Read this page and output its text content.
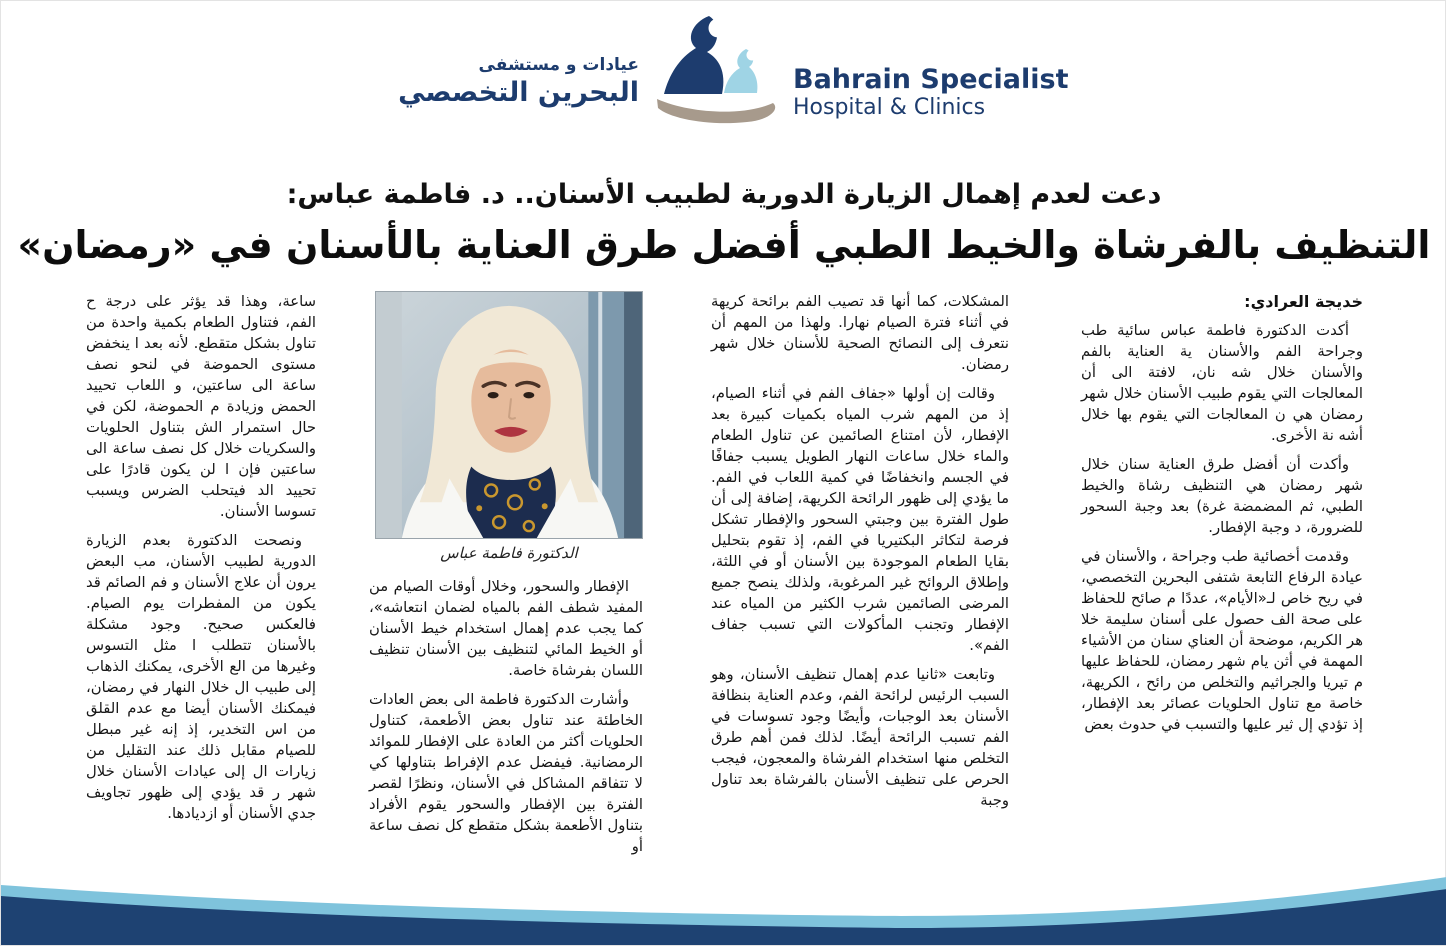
عيادات و مستشفى
البحرين التخصصي	Bahrain Specialist
Hospital & Clinics
دعت لعدم إهمال الزيارة الدورية لطبيب الأسنان.. د. فاطمة عباس:
التنظيف بالفرشاة والخيط الطبي أفضل طرق العناية بالأسنان في «رمضان»

خديجة العرادي:

أكدت الدكتورة فاطمة عباس سائية طب وجراحة الفم والأسنان ية العناية بالفم والأسنان خلال شه نان، لافتة الى أن المعالجات التي يقوم طبيب الأسنان خلال شهر رمضان هي ن المعالجات التي يقوم بها خلال أشه نة الأخرى.

وأكدت أن أفضل طرق العناية سنان خلال شهر رمضان هي التنظيف رشاة والخيط الطبي، ثم المضمضة غرة) بعد وجبة السحور للضرورة، د وجبة الإفطار.

وقدمت أخصائية طب وجراحة ، والأسنان في عيادة الرفاع التابعة شتفى البحرين التخصصي، في ريح خاص لـ«الأيام»، عددًا م صائح للحفاظ على صحة الف حصول على أسنان سليمة خلا هر الكريم، موضحة أن العناي سنان من الأشياء المهمة في أثن يام شهر رمضان، للحفاظ عليها م تيريا والجراثيم والتخلص من رائح ، الكريهة، خاصة مع تناول الحلويات عصائر بعد الإفطار، إذ تؤدي إل ثير عليها والتسبب في حدوث بعض

المشكلات، كما أنها قد تصيب الفم برائحة كريهة في أثناء فترة الصيام نهارا. ولهذا من المهم أن نتعرف إلى النصائح الصحية للأسنان خلال شهر رمضان.

وقالت إن أولها «جفاف الفم في أثناء الصيام، إذ من المهم شرب المياه بكميات كبيرة بعد الإفطار، لأن امتناع الصائمين عن تناول الطعام والماء خلال ساعات النهار الطويل يسبب جفافًا في الجسم وانخفاضًا في كمية اللعاب في الفم. ما يؤدي إلى ظهور الرائحة الكريهة، إضافة إلى أن طول الفترة بين وجبتي السحور والإفطار تشكل فرصة لتكاثر البكتيريا في الفم، إذ تقوم بتحليل بقايا الطعام الموجودة بين الأسنان أو في اللثة، وإطلاق الروائح غير المرغوبة، ولذلك ينصح جميع المرضى الصائمين شرب الكثير من المياه عند الإفطار وتجنب المأكولات التي تسبب جفاف الفم».

وتابعت «ثانيا عدم إهمال تنظيف الأسنان، وهو السبب الرئيس لرائحة الفم، وعدم العناية بنظافة الأسنان بعد الوجبات، وأيضًا وجود تسوسات في الفم تسبب الرائحة أيضًا. لذلك فمن أهم طرق التخلص منها استخدام الفرشاة والمعجون، فيجب الحرص على تنظيف الأسنان بالفرشاة بعد تناول وجبة

الدكتورة فاطمة عباس

الإفطار والسحور، وخلال أوقات الصيام من المفيد شطف الفم بالمياه لضمان انتعاشه»، كما يجب عدم إهمال استخدام خيط الأسنان أو الخيط المائي لتنظيف بين الأسنان تنظيف اللسان بفرشاة خاصة.

وأشارت الدكتورة فاطمة الى بعض العادات الخاطئة عند تناول بعض الأطعمة، كتناول الحلويات أكثر من العادة على الإفطار للموائد الرمضانية. فيفضل عدم الإفراط بتناولها كي لا تتفاقم المشاكل في الأسنان، ونظرًا لقصر الفترة بين الإفطار والسحور يقوم الأفراد بتناول الأطعمة بشكل متقطع كل نصف ساعة أو

ساعة، وهذا قد يؤثر على درجة ح الفم، فتناول الطعام بكمية واحدة من تناول بشكل متقطع. لأنه بعد ا ينخفض مستوى الحموضة في لنحو نصف ساعة الى ساعتين، و اللعاب تحييد الحمض وزيادة م الحموضة، لكن في حال استمرار الش بتناول الحلويات والسكريات خلال كل نصف ساعة الى ساعتين فإن ا لن يكون قادرًا على تحييد الد فيتحلب الضرس ويسبب تسوسا الأسنان.

ونصحت الدكتورة بعدم الزيارة الدورية لطبيب الأسنان، مب البعض يرون أن علاج الأسنان و فم الصائم قد يكون من المفطرات يوم الصيام. فالعكس صحيح. وجود مشكلة بالأسنان تتطلب ا مثل التسوس وغيرها من الع الأخرى، يمكنك الذهاب إلى طبيب ال خلال النهار في رمضان، فيمكنك الأسنان أيضا مع عدم القلق من اس التخدير، إذ إنه غير مبطل للصيام مقابل ذلك عند التقليل من زيارات ال إلى عيادات الأسنان خلال شهر ر قد يؤدي إلى ظهور تجاويف جدي الأسنان أو ازديادها.
